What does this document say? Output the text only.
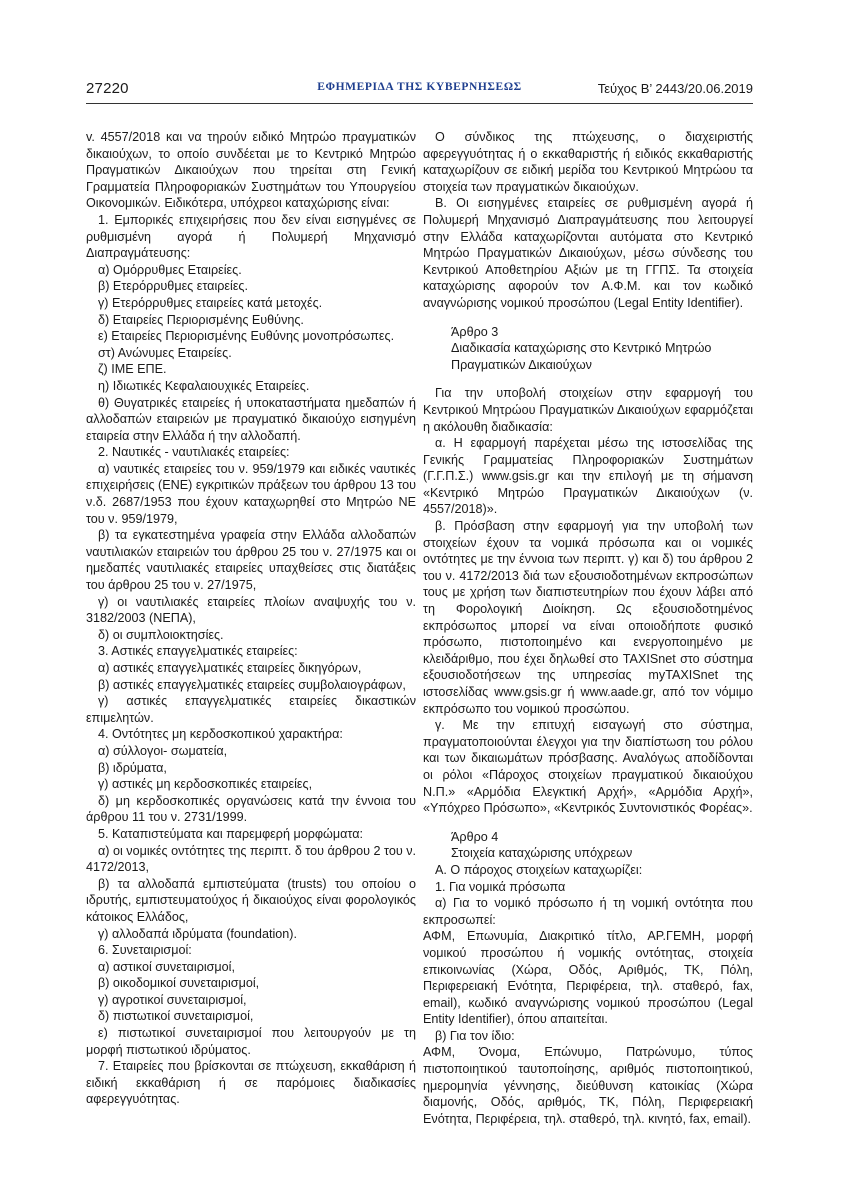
27220	ΕΦΗΜΕΡΙΔΑ ΤΗΣ ΚΥΒΕΡΝΗΣΕΩΣ	Τεύχος Β’ 2443/20.06.2019

v. 4557/2018 και να τηρούν ειδικό Μητρώο πραγματικών δικαιούχων, το οποίο συνδέεται με το Κεντρικό Μητρώο Πραγματικών Δικαιούχων που τηρείται στη Γενική Γραμματεία Πληροφοριακών Συστημάτων του Υπουργείου Οικονομικών. Ειδικότερα, υπόχρεοι καταχώρισης είναι:

1. Εμπορικές επιχειρήσεις που δεν είναι εισηγμένες σε ρυθμισμένη αγορά ή Πολυμερή Μηχανισμό Διαπραγμάτευσης:

α) Ομόρρυθμες Εταιρείες.

β) Ετερόρρυθμες εταιρείες.

γ) Ετερόρρυθμες εταιρείες κατά μετοχές.

δ) Εταιρείες Περιορισμένης Ευθύνης.

ε) Εταιρείες Περιορισμένης Ευθύνης μονοπρόσωπες.

στ) Ανώνυμες Εταιρείες.

ζ) ΙΜΕ ΕΠΕ.

η) Ιδιωτικές Κεφαλαιουχικές Εταιρείες.

θ) Θυγατρικές εταιρείες ή υποκαταστήματα ημεδαπών ή αλλοδαπών εταιρειών με πραγματικό δικαιούχο εισηγμένη εταιρεία στην Ελλάδα ή την αλλοδαπή.

2. Ναυτικές - ναυτιλιακές εταιρείες:

α) ναυτικές εταιρείες του ν. 959/1979 και ειδικές ναυτικές επιχειρήσεις (ΕΝΕ) εγκριτικών πράξεων του άρθρου 13 του ν.δ. 2687/1953 που έχουν καταχωρηθεί στο Μητρώο ΝΕ του ν. 959/1979,

β) τα εγκατεστημένα γραφεία στην Ελλάδα αλλοδαπών ναυτιλιακών εταιρειών του άρθρου 25 του ν. 27/1975 και οι ημεδαπές ναυτιλιακές εταιρείες υπαχθείσες στις διατάξεις του άρθρου 25 του ν. 27/1975,

γ) οι ναυτιλιακές εταιρείες πλοίων αναψυχής του ν. 3182/2003 (ΝΕΠΑ),

δ) οι συμπλοιοκτησίες.

3. Αστικές επαγγελματικές εταιρείες:

α) αστικές επαγγελματικές εταιρείες δικηγόρων,

β) αστικές επαγγελματικές εταιρείες συμβολαιογράφων,

γ) αστικές επαγγελματικές εταιρείες δικαστικών επιμελητών.

4. Οντότητες μη κερδοσκοπικού χαρακτήρα:

α) σύλλογοι- σωματεία,

β) ιδρύματα,

γ) αστικές μη κερδοσκοπικές εταιρείες,

δ) μη κερδοσκοπικές οργανώσεις κατά την έννοια του άρθρου 11 του ν. 2731/1999.

5. Καταπιστεύματα και παρεμφερή μορφώματα:

α) οι νομικές οντότητες της περιπτ. δ του άρθρου 2 του ν. 4172/2013,

β) τα αλλοδαπά εμπιστεύματα (trusts) του οποίου ο ιδρυτής, εμπιστευματούχος ή δικαιούχος είναι φορολογικός κάτοικος Ελλάδος,

γ) αλλοδαπά ιδρύματα (foundation).

6. Συνεταιρισμοί:

α) αστικοί συνεταιρισμοί,

β) οικοδομικοί συνεταιρισμοί,

γ) αγροτικοί συνεταιρισμοί,

δ) πιστωτικοί συνεταιρισμοί,

ε) πιστωτικοί συνεταιρισμοί που λειτουργούν με τη μορφή πιστωτικού ιδρύματος.

7. Εταιρείες που βρίσκονται σε πτώχευση, εκκαθάριση ή ειδική εκκαθάριση ή σε παρόμοιες διαδικασίες αφερεγγυότητας.

Ο σύνδικος της πτώχευσης, ο διαχειριστής αφερεγγυότητας ή ο εκκαθαριστής ή ειδικός εκκαθαριστής καταχωρίζουν σε ειδική μερίδα του Κεντρικού Μητρώου τα στοιχεία των πραγματικών δικαιούχων.

Β. Οι εισηγμένες εταιρείες σε ρυθμισμένη αγορά ή Πολυμερή Μηχανισμό Διαπραγμάτευσης που λειτουργεί στην Ελλάδα καταχωρίζονται αυτόματα στο Κεντρικό Μητρώο Πραγματικών Δικαιούχων, μέσω σύνδεσης του Κεντρικού Αποθετηρίου Αξιών με τη ΓΓΠΣ. Τα στοιχεία καταχώρισης αφορούν τον Α.Φ.Μ. και τον κωδικό αναγνώρισης νομικού προσώπου (Legal Entity Identifier).

Άρθρο 3

Διαδικασία καταχώρισης στο Κεντρικό Μητρώο Πραγματικών Δικαιούχων

Για την υποβολή στοιχείων στην εφαρμογή του Κεντρικού Μητρώου Πραγματικών Δικαιούχων εφαρμόζεται η ακόλουθη διαδικασία:

α. Η εφαρμογή παρέχεται μέσω της ιστοσελίδας της Γενικής Γραμματείας Πληροφοριακών Συστημάτων (Γ.Γ.Π.Σ.) www.gsis.gr και την επιλογή με τη σήμανση «Κεντρικό Μητρώο Πραγματικών Δικαιούχων (ν. 4557/2018)».

β. Πρόσβαση στην εφαρμογή για την υποβολή των στοιχείων έχουν τα νομικά πρόσωπα και οι νομικές οντότητες με την έννοια των περιπτ. γ) και δ) του άρθρου 2 του ν. 4172/2013 διά των εξουσιοδοτημένων εκπροσώπων τους με χρήση των διαπιστευτηρίων που έχουν λάβει από τη Φορολογική Διοίκηση. Ως εξουσιοδοτημένος εκπρόσωπος μπορεί να είναι οποιοδήποτε φυσικό πρόσωπο, πιστοποιημένο και ενεργοποιημένο με κλειδάριθμο, που έχει δηλωθεί στο TAXISnet στο σύστημα εξουσιοδοτήσεων της υπηρεσίας myTAXISnet της ιστοσελίδας www.gsis.gr ή www.aade.gr, από τον νόμιμο εκπρόσωπο του νομικού προσώπου.

γ. Με την επιτυχή εισαγωγή στο σύστημα, πραγματοποιούνται έλεγχοι για την διαπίστωση του ρόλου και των δικαιωμάτων πρόσβασης. Αναλόγως αποδίδονται οι ρόλοι «Πάροχος στοιχείων πραγματικού δικαιούχου Ν.Π.» «Αρμόδια Ελεγκτική Αρχή», «Αρμόδια Αρχή», «Υπόχρεο Πρόσωπο», «Κεντρικός Συντονιστικός Φορέας».

Άρθρο 4

Στοιχεία καταχώρισης υπόχρεων

Α. Ο πάροχος στοιχείων καταχωρίζει:

1. Για νομικά πρόσωπα

α) Για το νομικό πρόσωπο ή τη νομική οντότητα που εκπροσωπεί:

ΑΦΜ, Επωνυμία, Διακριτικό τίτλο, ΑΡ.ΓΕΜΗ, μορφή νομικού προσώπου ή νομικής οντότητας, στοιχεία επικοινωνίας (Χώρα, Οδός, Αριθμός, ΤΚ, Πόλη, Περιφερειακή Ενότητα, Περιφέρεια, τηλ. σταθερό, fax, email), κωδικό αναγνώρισης νομικού προσώπου (Legal Entity Identifier), όπου απαιτείται.

β) Για τον ίδιο:

ΑΦΜ, Όνομα, Επώνυμο, Πατρώνυμο, τύπος πιστοποιητικού ταυτοποίησης, αριθμός πιστοποιητικού, ημερομηνία γέννησης, διεύθυνση κατοικίας (Χώρα διαμονής, Οδός, αριθμός, ΤΚ, Πόλη, Περιφερειακή Ενότητα, Περιφέρεια, τηλ. σταθερό, τηλ. κινητό, fax, email).
